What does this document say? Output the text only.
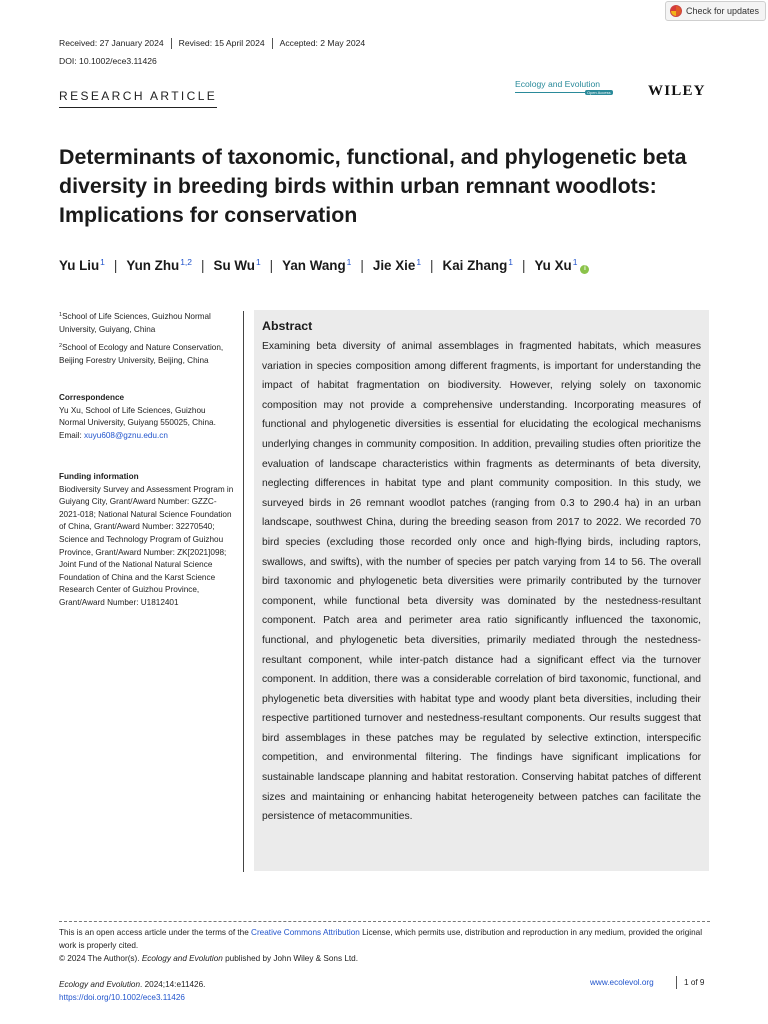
Check for updates
Received: 27 January 2024	Revised: 15 April 2024	Accepted: 2 May 2024
DOI: 10.1002/ece3.11426
RESEARCH ARTICLE
Ecology and Evolution
Open Access WILEY
Determinants of taxonomic, functional, and phylogenetic beta diversity in breeding birds within urban remnant woodlots: Implications for conservation
Yu Liu$^1$ | Yun Zhu$^{1,2}$ | Su Wu$^1$ | Yan Wang$^1$ | Jie Xie$^1$ | Kai Zhang$^1$ | Yu Xu$^1$
i

$^1$School of Life Sciences, Guizhou Normal University, Guiyang, China

$^2$School of Ecology and Nature Conservation, Beijing Forestry University, Beijing, China

Correspondence

Yu Xu, School of Life Sciences, Guizhou Normal University, Guiyang 550025, China.

Email: xuyu608@gznu.edu.cn

Funding information

Biodiversity Survey and Assessment Program in Guiyang City, Grant/Award Number: GZZC-2021-018; National Natural Science Foundation of China, Grant/Award Number: 32270540; Science and Technology Program of Guizhou Province, Grant/Award Number: ZK[2021]098; Joint Fund of the National Natural Science Foundation of China and the Karst Science Research Center of Guizhou Province, Grant/Award Number: U1812401

Abstract

Examining beta diversity of animal assemblages in fragmented habitats, which measures variation in species composition among different fragments, is important for understanding the impact of habitat fragmentation on biodiversity. However, relying solely on taxonomic composition may not provide a comprehensive understanding. Incorporating measures of functional and phylogenetic diversities is essential for elucidating the ecological mechanisms underlying changes in community composition. In addition, prevailing studies often prioritize the evaluation of landscape characteristics within fragments as determinants of beta diversity, neglecting differences in habitat type and plant community composition. In this study, we surveyed birds in 26 remnant woodlot patches (ranging from 0.3 to 290.4 ha) in an urban landscape, southwest China, during the breeding season from 2017 to 2022. We recorded 70 bird species (excluding those recorded only once and high-flying birds, including raptors, swallows, and swifts), with the number of species per patch varying from 14 to 56. The overall bird taxonomic and phylogenetic beta diversities were primarily contributed by the turnover component, while functional beta diversity was dominated by the nestedness-resultant component. Patch area and perimeter area ratio significantly influenced the taxonomic, functional, and phylogenetic beta diversities, primarily mediated through the nestedness-resultant component, while inter-patch distance had a significant effect via the turnover component. In addition, there was a considerable correlation of bird taxonomic, functional, and phylogenetic beta diversities with habitat type and woody plant beta diversities, including their respective partitioned turnover and nestedness-resultant components. Our results suggest that bird assemblages in these patches may be regulated by selective extinction, interspecific competition, and environmental filtering. The findings have significant implications for sustainable landscape planning and habitat restoration. Conserving habitat patches of different sizes and maintaining or enhancing habitat heterogeneity between patches can facilitate the persistence of metacommunities.

This is an open access article under the terms of the Creative Commons Attribution License, which permits use, distribution and reproduction in any medium, provided the original work is properly cited.

© 2024 The Author(s). Ecology and Evolution published by John Wiley & Sons Ltd.

Ecology and Evolution. 2024;14:e11426.
https://doi.org/10.1002/ece3.11426
www.ecolevol.org	1 of 9
